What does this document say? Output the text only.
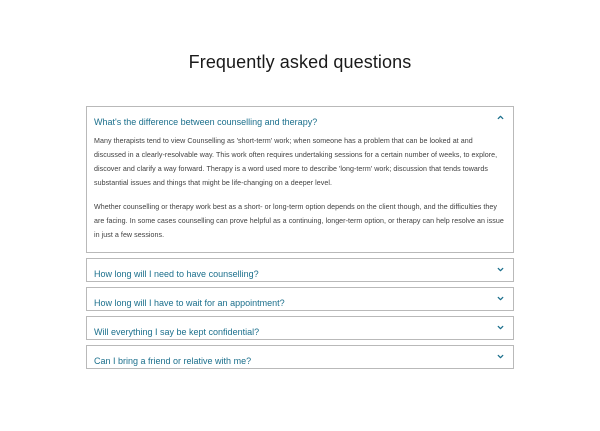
Frequently asked questions
What's the difference between counselling and therapy?

Many therapists tend to view Counselling as 'short-term' work; when someone has a problem that can be looked at and discussed in a clearly-resolvable way. This work often requires undertaking sessions for a certain number of weeks, to explore, discover and clarify a way forward. Therapy is a word used more to describe 'long-term' work; discussion that tends towards substantial issues and things that might be life-changing on a deeper level.

Whether counselling or therapy work best as a short- or long-term option depends on the client though, and the difficulties they are facing. In some cases counselling can prove helpful as a continuing, longer-term option, or therapy can help resolve an issue in just a few sessions.

How long will I need to have counselling?
How long will I have to wait for an appointment?
Will everything I say be kept confidential?
Can I bring a friend or relative with me?
